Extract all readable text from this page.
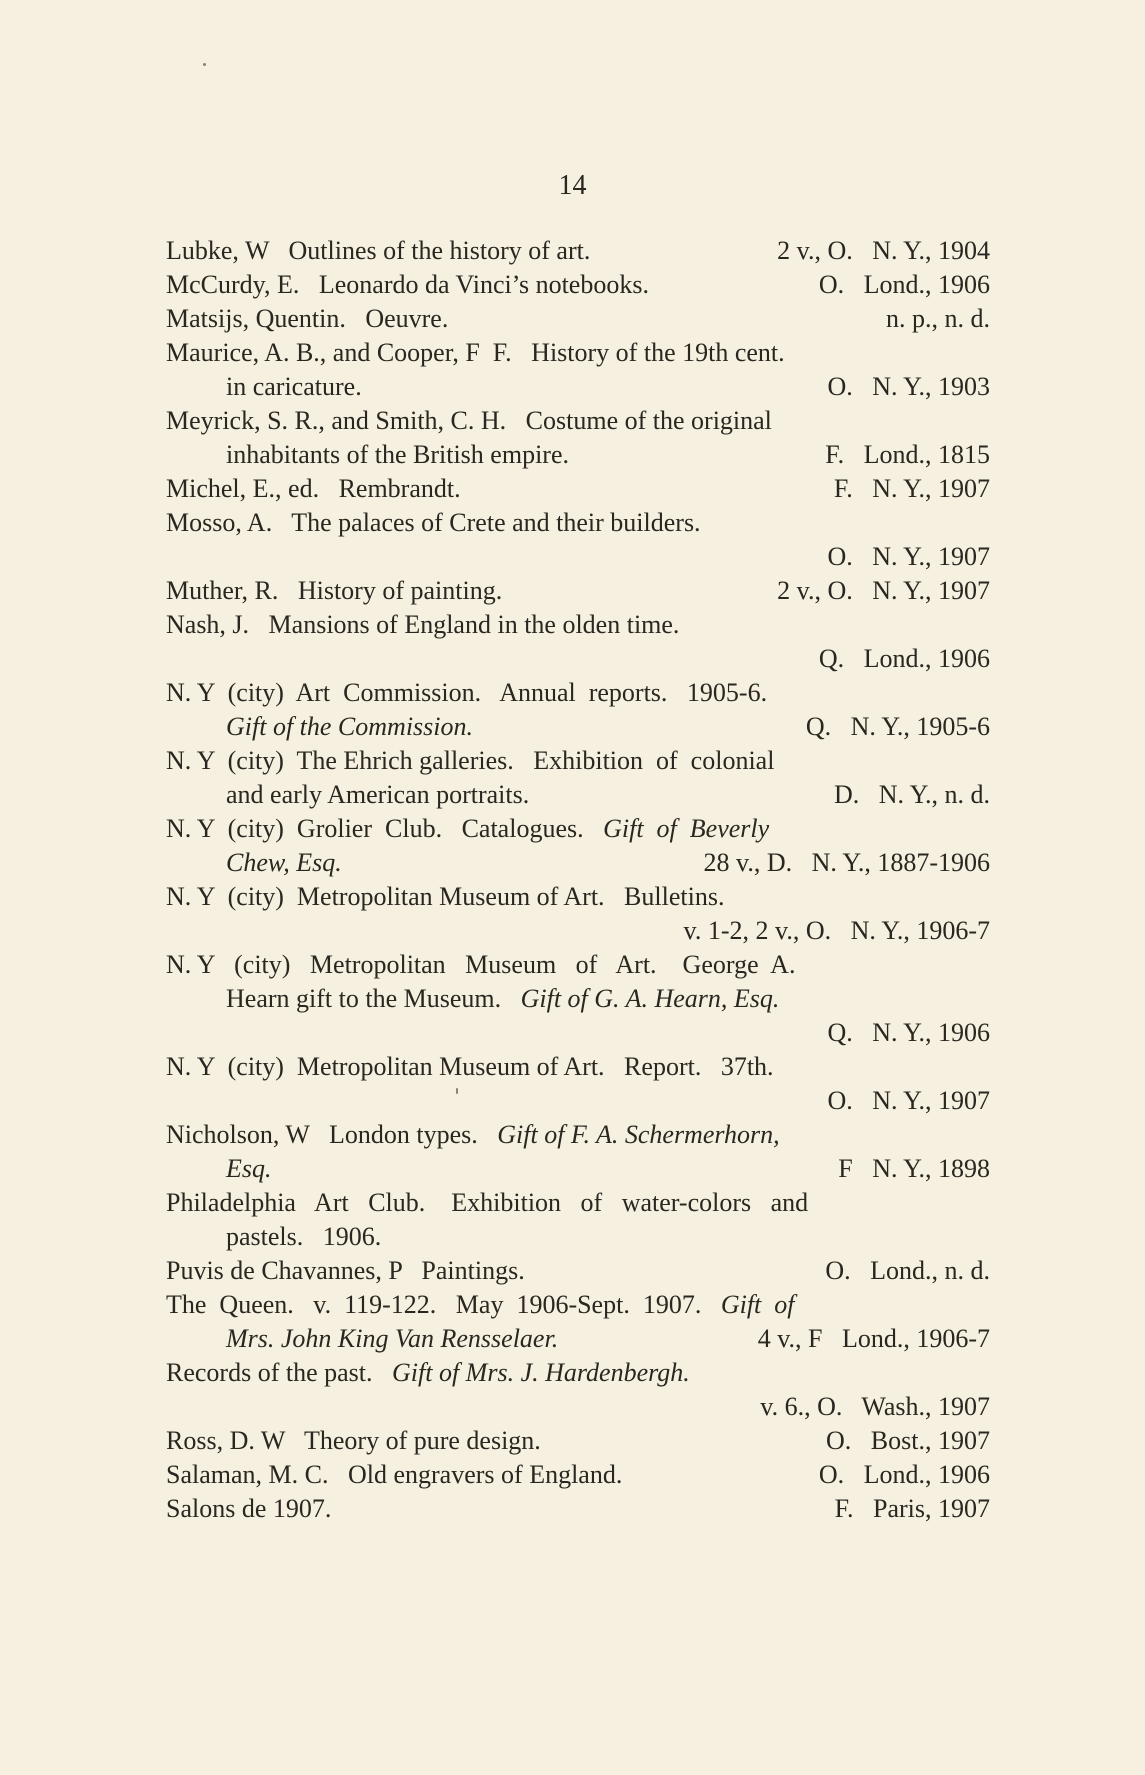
14
Lubke, W   Outlines of the history of art.	2 v., O.   N. Y., 1904
McCurdy, E.   Leonardo da Vinci’s notebooks.	O.   Lond., 1906
Matsijs, Quentin.   Oeuvre.	n. p., n. d.
Maurice, A. B., and Cooper, F  F.   History of the 19th cent.
in caricature.	O.   N. Y., 1903
Meyrick, S. R., and Smith, C. H.   Costume of the original
inhabitants of the British empire.	F.   Lond., 1815
Michel, E., ed.   Rembrandt.	F.   N. Y., 1907
Mosso, A.   The palaces of Crete and their builders.
O.   N. Y., 1907
Muther, R.   History of painting.	2 v., O.   N. Y., 1907
Nash, J.   Mansions of England in the olden time.
Q.   Lond., 1906
N. Y  (city)  Art  Commission.   Annual  reports.   1905-6.
Gift of the Commission.	Q.   N. Y., 1905-6
N. Y  (city)  The Ehrich galleries.   Exhibition  of  colonial
and early American portraits.	D.   N. Y., n. d.
N. Y  (city)  Grolier  Club.   Catalogues.   Gift  of  Beverly
Chew, Esq.	28 v., D.   N. Y., 1887-1906
N. Y  (city)  Metropolitan Museum of Art.   Bulletins.
v. 1-2, 2 v., O.   N. Y., 1906-7
N. Y   (city)   Metropolitan   Museum   of   Art.    George  A.
Hearn gift to the Museum.   Gift of G. A. Hearn, Esq.
Q.   N. Y., 1906
N. Y  (city)  Metropolitan Museum of Art.   Report.   37th.
O.   N. Y., 1907
Nicholson, W   London types.   Gift of F. A. Schermerhorn,
Esq.	F   N. Y., 1898
Philadelphia   Art   Club.    Exhibition   of   water-colors   and
pastels.   1906.
Puvis de Chavannes, P   Paintings.	O.   Lond., n. d.
The  Queen.   v.  119-122.   May  1906-Sept.  1907.   Gift  of
Mrs. John King Van Rensselaer.	4 v., F   Lond., 1906-7
Records of the past.   Gift of Mrs. J. Hardenbergh.
v. 6., O.   Wash., 1907
Ross, D. W   Theory of pure design.	O.   Bost., 1907
Salaman, M. C.   Old engravers of England.	O.   Lond., 1906
Salons de 1907.	F.   Paris, 1907
